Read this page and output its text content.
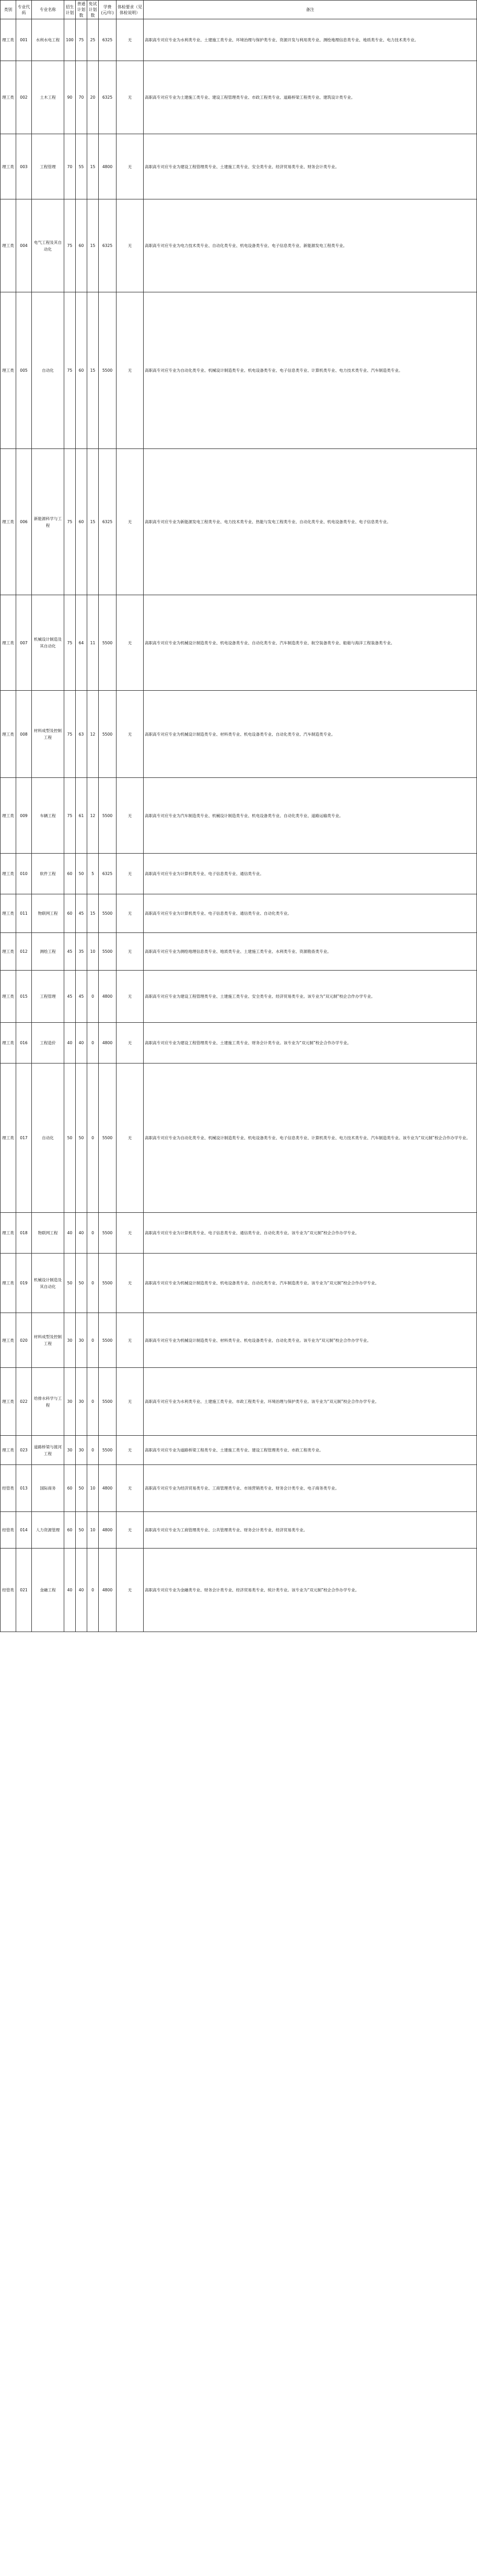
类别	专业代码	专业名称	招生计划	普通计划数	免试计划数	学费(元/年)	体检要求（见体检说明）	备注
理工类	001	水利水电工程	100	75	25	6325	无	高职高专对应专业为水利类专业、土建施工类专业、环境治理与保护类专业、资源开发与利用类专业、测绘地理信息类专业、地质类专业、电力技术类专业。
理工类	002	土木工程	90	70	20	6325	无	高职高专对应专业为土建施工类专业、建设工程管理类专业、市政工程类专业、道路桥梁工程类专业、建筑设计类专业。
理工类	003	工程管理	70	55	15	4800	无	高职高专对应专业为建设工程管理类专业、土建施工类专业、安全类专业、经济贸易类专业、财务会计类专业。
理工类	004	电气工程及其自动化	75	60	15	6325	无	高职高专对应专业为电力技术类专业、自动化类专业、机电设备类专业、电子信息类专业、新能源发电工程类专业。
理工类	005	自动化	75	60	15	5500	无	高职高专对应专业为自动化类专业、机械设计制造类专业、机电设备类专业、电子信息类专业、计算机类专业、电力技术类专业、汽车制造类专业。
理工类	006	新能源科学与工程	75	60	15	6325	无	高职高专对应专业为新能源发电工程类专业、电力技术类专业、热能与发电工程类专业、自动化类专业、机电设备类专业、电子信息类专业。
理工类	007	机械设计制造及其自动化	75	64	11	5500	无	高职高专对应专业为机械设计制造类专业、机电设备类专业、自动化类专业、汽车制造类专业、航空装备类专业、船舶与海洋工程装备类专业。
理工类	008	材料成型及控制工程	75	63	12	5500	无	高职高专对应专业为机械设计制造类专业、材料类专业、机电设备类专业、自动化类专业、汽车制造类专业。
理工类	009	车辆工程	75	61	12	5500	无	高职高专对应专业为汽车制造类专业、机械设计制造类专业、机电设备类专业、自动化类专业、道路运输类专业。
理工类	010	软件工程	60	50	5	6325	无	高职高专对应专业为计算机类专业、电子信息类专业、通信类专业。
理工类	011	物联网工程	60	45	15	5500	无	高职高专对应专业为计算机类专业、电子信息类专业、通信类专业、自动化类专业。
理工类	012	测绘工程	45	35	10	5500	无	高职高专对应专业为测绘地理信息类专业、地质类专业、土建施工类专业、水利类专业、资源勘查类专业。
理工类	015	工程管理	45	45	0	4800	无	高职高专对应专业为建设工程管理类专业、土建施工类专业、安全类专业、经济贸易类专业。该专业为“双元制”校企合作办学专业。
理工类	016	工程造价	40	40	0	4800	无	高职高专对应专业为建设工程管理类专业、土建施工类专业、财务会计类专业。该专业为“双元制”校企合作办学专业。
理工类	017	自动化	50	50	0	5500	无	高职高专对应专业为自动化类专业、机械设计制造类专业、机电设备类专业、电子信息类专业、计算机类专业、电力技术类专业、汽车制造类专业。该专业为“双元制”校企合作办学专业。
理工类	018	物联网工程	40	40	0	5500	无	高职高专对应专业为计算机类专业、电子信息类专业、通信类专业、自动化类专业。该专业为“双元制”校企合作办学专业。
理工类	019	机械设计制造及其自动化	50	50	0	5500	无	高职高专对应专业为机械设计制造类专业、机电设备类专业、自动化类专业、汽车制造类专业。该专业为“双元制”校企合作办学专业。
理工类	020	材料成型及控制工程	30	30	0	5500	无	高职高专对应专业为机械设计制造类专业、材料类专业、机电设备类专业、自动化类专业。该专业为“双元制”校企合作办学专业。
理工类	022	给排水科学与工程	30	30	0	5500	无	高职高专对应专业为水利类专业、土建施工类专业、市政工程类专业、环境治理与保护类专业。该专业为“双元制”校企合作办学专业。
理工类	023	道路桥梁与渡河工程	30	30	0	5500	无	高职高专对应专业为道路桥梁工程类专业、土建施工类专业、建设工程管理类专业、市政工程类专业。
经管类	013	国际商务	60	50	10	4800	无	高职高专对应专业为经济贸易类专业、工商管理类专业、市场营销类专业、财务会计类专业、电子商务类专业。
经管类	014	人力资源管理	60	50	10	4800	无	高职高专对应专业为工商管理类专业、公共管理类专业、财务会计类专业、经济贸易类专业。
经管类	021	金融工程	40	40	0	4800	无	高职高专对应专业为金融类专业、财务会计类专业、经济贸易类专业、统计类专业。该专业为“双元制”校企合作办学专业。
